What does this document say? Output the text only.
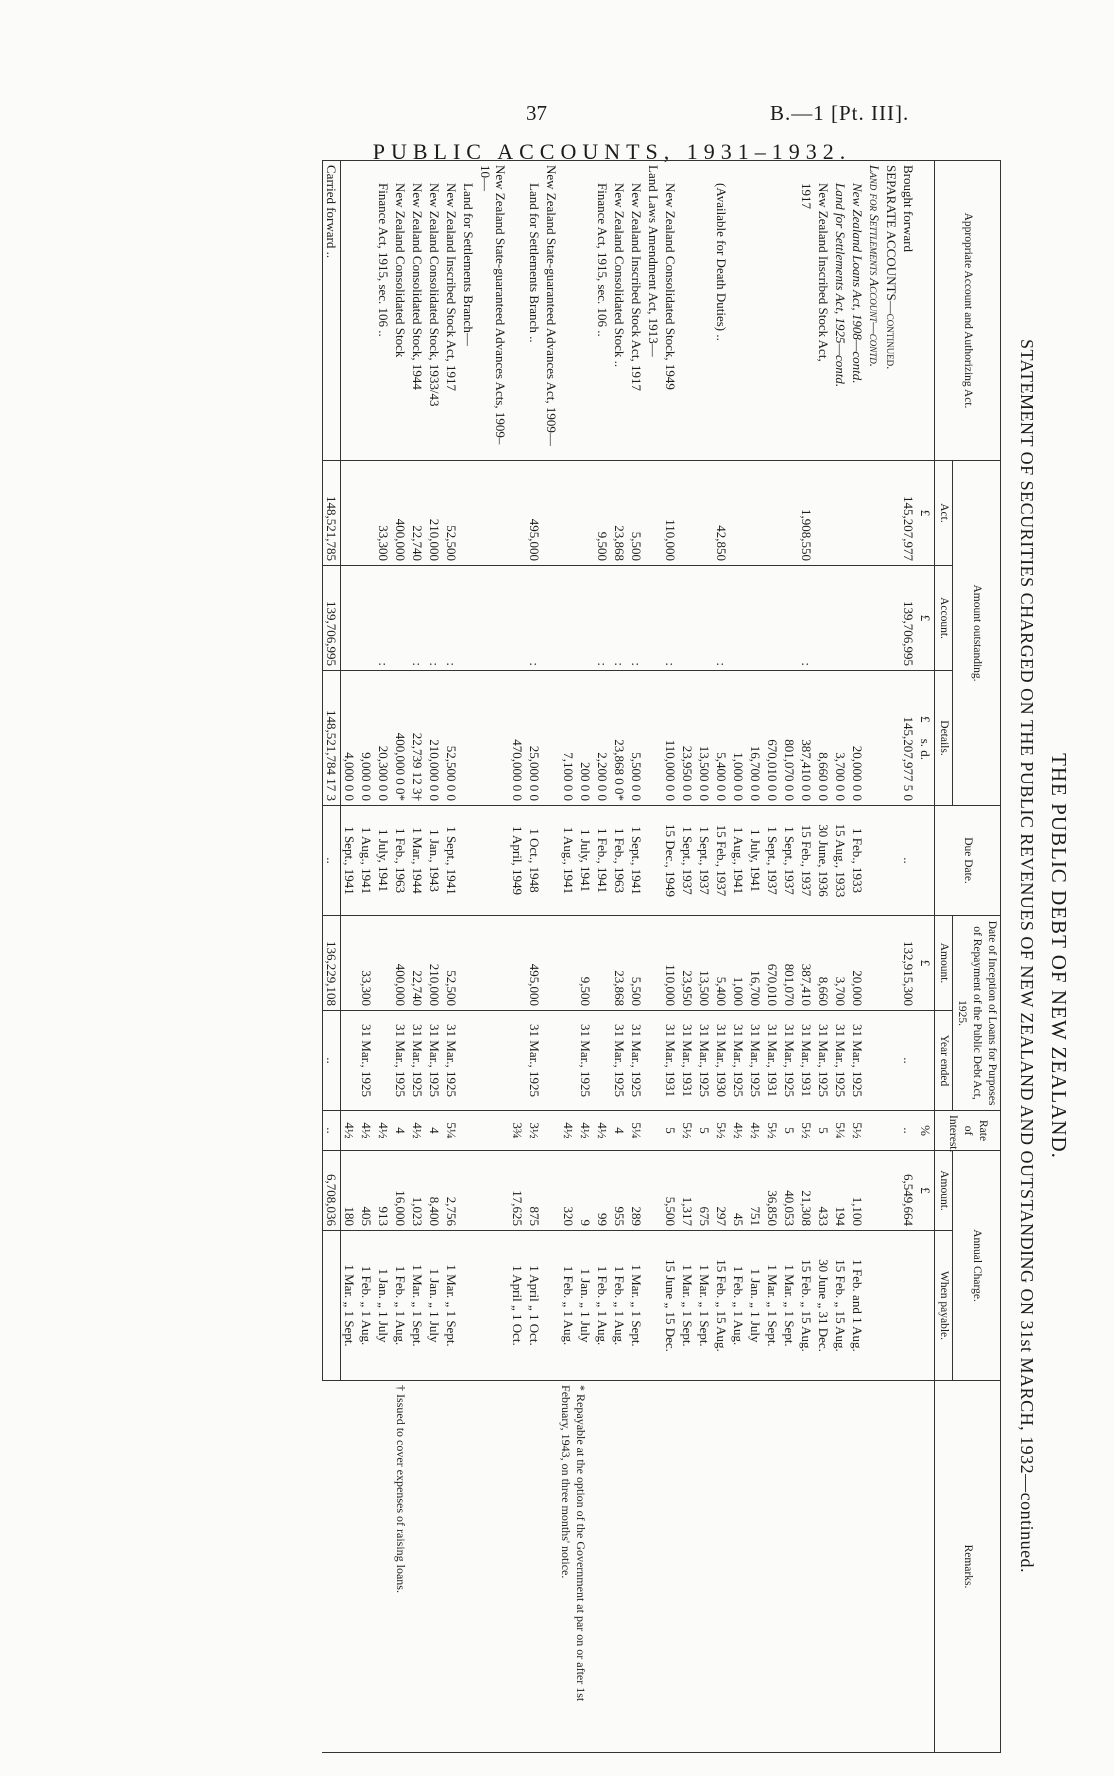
37	B.—1 [Pt. III].
PUBLIC ACCOUNTS, 1931–1932.
THE PUBLIC DEBT OF NEW ZEALAND.
STATEMENT OF SECURITIES CHARGED ON THE PUBLIC REVENUES OF NEW ZEALAND AND OUTSTANDING ON 31st MARCH, 1932—continued.
Appropriate Account and Authorizing Act.	Amount outstanding.			Due Date.	Date of Inception of Loans for Purposes of Repayment of the Public Debt Act, 1925.		Rate of Interest.	Annual Charge.		Remarks.
	Act.	Account.	Details.		Amount.	Year ended		Amount.	When payable.	
	£	£	£     s. d.		£		%	£		* Repayable at the option of the Government at par on or after 1st February, 1943, on three months' notice.
† Issued to cover expenses of raising loans.

Brought forward	145,207,977	139,706,995	145,207,977 5 0	..	132,915,300	..	..	6,549,664		
SEPARATE ACCOUNTS—continued.										
Land for Settlements Account—contd.										
New Zealand Loans Act, 1908—contd.			20,000 0 0	1 Feb., 1933	20,000	31 Mar., 1925	5½	1,100	1 Feb. and 1 Aug.	
Land for Settlements Act, 1925—contd.			3,700 0 0	15 Aug., 1933	3,700	31 Mar., 1925	5¼	194	15 Feb. „ 15 Aug.	
New Zealand Inscribed Stock Act,			8,660 0 0	30 June, 1936	8,660	31 Mar., 1925	5	433	30 June „ 31 Dec.	
1917	1,908,550	:	387,410 0 0	15 Feb., 1937	387,410	31 Mar., 1931	5½	21,308	15 Feb. „ 15 Aug.	
			801,070 0 0	1 Sept., 1937	801,070	31 Mar., 1925	5	40,053	1 Mar. „ 1 Sept.	
			670,010 0 0	1 Sept., 1937	670,010	31 Mar., 1931	5½	36,850	1 Mar. „ 1 Sept.	
			16,700 0 0	1 July, 1941	16,700	31 Mar., 1925	4½	751	1 Jan. „ 1 July	
			1,000 0 0	1 Aug., 1941	1,000	31 Mar., 1925	4½	45	1 Feb. „ 1 Aug.	
(Available for Death Duties) ..	42,850	:	5,400 0 0	15 Feb., 1937	5,400	31 Mar., 1930	5½	297	15 Feb. „ 15 Aug.	
			13,500 0 0	1 Sept., 1937	13,500	31 Mar., 1925	5	675	1 Mar. „ 1 Sept.	
			23,950 0 0	1 Sept., 1937	23,950	31 Mar., 1931	5½	1,317	1 Mar. „ 1 Sept.	
New Zealand Consolidated Stock, 1949	110,000	:	110,000 0 0	15 Dec., 1949	110,000	31 Mar., 1931	5	5,500	15 June „ 15 Dec.	
Land Laws Amendment Act, 1913—										
New Zealand Inscribed Stock Act, 1917	5,500	:	5,500 0 0	1 Sept., 1941	5,500	31 Mar., 1925	5¼	289	1 Mar. „ 1 Sept.	
New Zealand Consolidated Stock ..	23,868	:	23,868 0 0*	1 Feb., 1963	23,868	31 Mar., 1925	4	955	1 Feb. „ 1 Aug.	
Finance Act, 1915, sec. 106 ..	9,500	:	2,200 0 0	1 Feb., 1941			4½	99	1 Feb. „ 1 Aug.	
			200 0 0	1 July, 1941	9,500	31 Mar., 1925	4½	9	1 Jan. „ 1 July	
			7,100 0 0	1 Aug., 1941			4½	320	1 Feb. „ 1 Aug.	
New Zealand State-guaranteed Advances Act, 1909—										
Land for Settlements Branch ..	495,000	:	25,000 0 0	1 Oct., 1948	495,000	31 Mar., 1925	3½	875	1 April „ 1 Oct.	
			470,000 0 0	1 April, 1949			3¾	17,625	1 April „ 1 Oct.	
New Zealand State-guaranteed Advances Acts, 1909–10—										
Land for Settlements Branch—										
New Zealand Inscribed Stock Act, 1917	52,500	:	52,500 0 0	1 Sept., 1941	52,500	31 Mar., 1925	5¼	2,756	1 Mar. „ 1 Sept.	
New Zealand Consolidated Stock, 1933/43	210,000	:	210,000 0 0	1 Jan., 1943	210,000	31 Mar., 1925	4	8,400	1 Jan. „ 1 July	
New Zealand Consolidated Stock, 1944	22,740	:	22,739 12 3†	1 Mar., 1944	22,740	31 Mar., 1925	4½	1,023	1 Mar. „ 1 Sept.	
New Zealand Consolidated Stock	400,000		400,000 0 0*	1 Feb., 1963	400,000	31 Mar., 1925	4	16,000	1 Feb. „ 1 Aug.	
Finance Act, 1915, sec. 106 ..	33,300	:	20,300 0 0	1 July, 1941			4½	913	1 Jan. „ 1 July	
			9,000 0 0	1 Aug., 1941	33,300	31 Mar., 1925	4½	405	1 Feb. „ 1 Aug.	
			4,000 0 0	1 Sept., 1941			4½	180	1 Mar. „ 1 Sept.	
Carried forward ..	148,521,785	139,706,995	148,521,784 17 3	..	136,229,108	..	..	6,708,036		
